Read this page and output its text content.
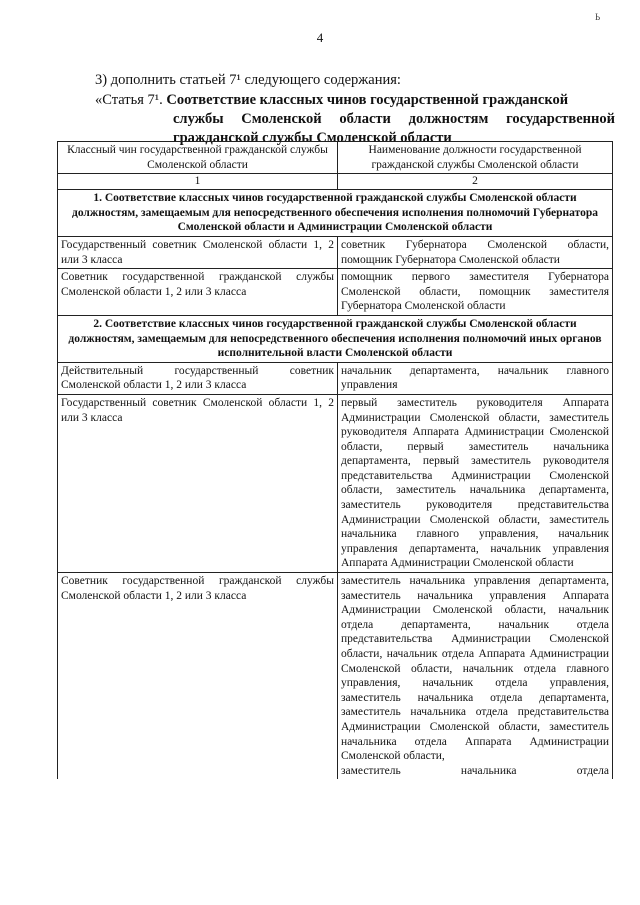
Ь
4
3) дополнить статьей 7¹ следующего содержания:
«Статья 7¹. Соответствие классных чинов государственной гражданской
службы Смоленской области должностям государственной
гражданской службы Смоленской области
Классный чин государственной гражданской службы Смоленской области	Наименование должности государственной гражданской службы Смоленской области
1	2
1. Соответствие классных чинов государственной гражданской службы Смоленской области должностям, замещаемым для непосредственного обеспечения исполнения полномочий Губернатора Смоленской области и Администрации Смоленской области	
Государственный советник Смоленской области 1, 2 или 3 класса	советник Губернатора Смоленской области, помощник Губернатора Смоленской области
Советник государственной гражданской службы Смоленской области 1, 2 или 3 класса	помощник первого заместителя Губернатора Смоленской области, помощник заместителя Губернатора Смоленской области
2. Соответствие классных чинов государственной гражданской службы Смоленской области должностям, замещаемым для непосредственного обеспечения исполнения полномочий иных органов исполнительной власти Смоленской области	
Действительный государственный советник Смоленской области 1, 2 или 3 класса	начальник департамента, начальник главного управления
Государственный советник Смоленской области 1, 2 или 3 класса	первый заместитель руководителя Аппарата Администрации Смоленской области, заместитель руководителя Аппарата Администрации Смоленской области, первый заместитель начальника департамента, первый заместитель руководителя представительства Администрации Смоленской области, заместитель начальника департамента, заместитель руководителя представительства Администрации Смоленской области, заместитель начальника главного управления, начальник управления департамента, начальник управления Аппарата Администрации Смоленской области
Советник государственной гражданской службы Смоленской области 1, 2 или 3 класса	заместитель начальника управления департамента, заместитель начальника управления Аппарата Администрации Смоленской области, начальник отдела департамента, начальник отдела представительства Администрации Смоленской области, начальник отдела Аппарата Администрации Смоленской области, начальник отдела главного управления, начальник отдела управления, заместитель начальника отдела департамента, заместитель начальника отдела представительства Администрации Смоленской области, заместитель начальника отдела Аппарата Администрации Смоленской области,
заместитель начальника отдела
